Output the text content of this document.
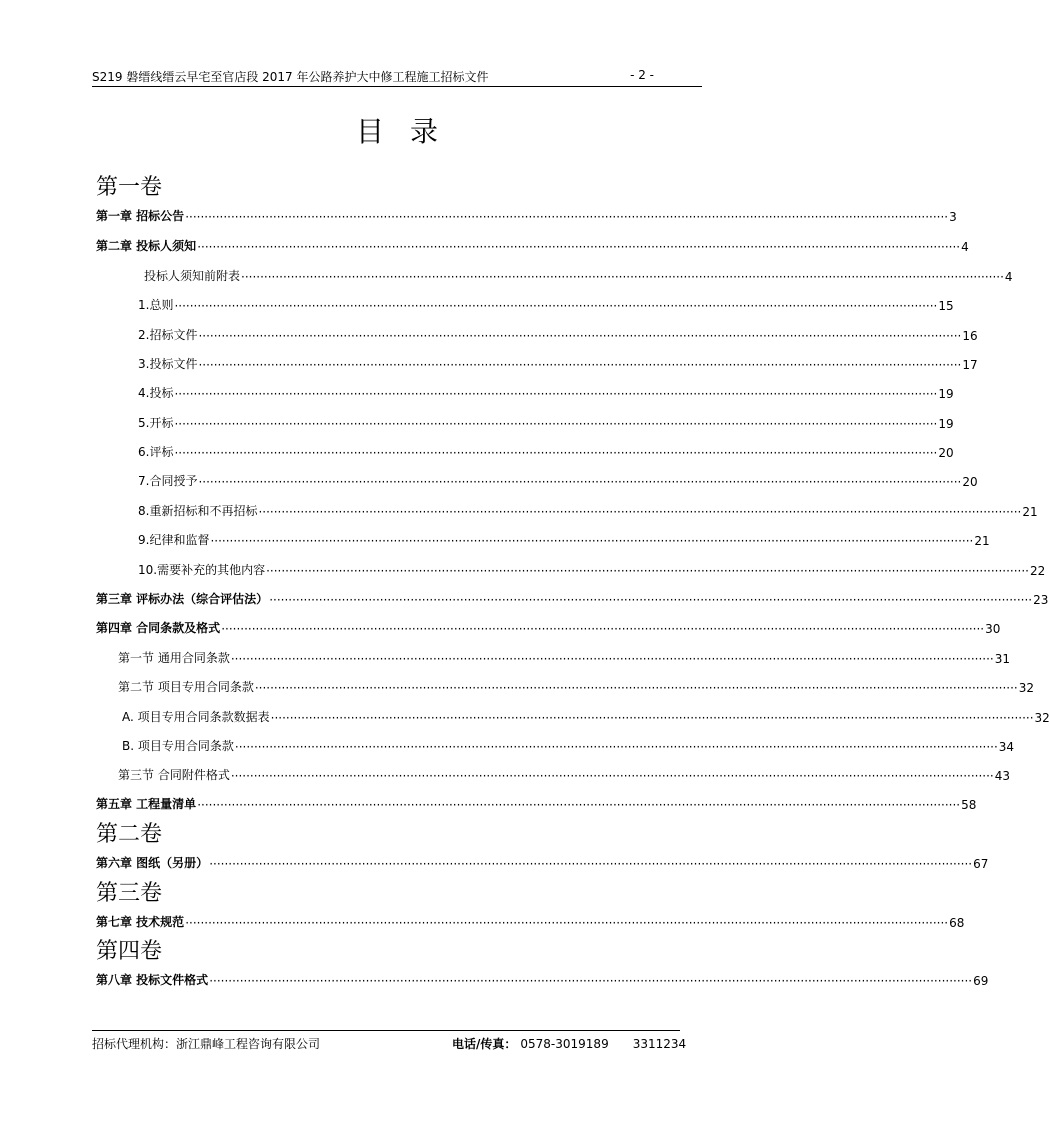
S219 磐缙线缙云早宅至官店段 2017 年公路养护大中修工程施工招标文件	- 2 -
目录
第一卷
第二卷
第三卷
第四卷
第一章 招标公告 ········································································································································································································ 3
第二章 投标人须知 ········································································································································································································ 4
投标人须知前附表 ········································································································································································································ 4
1.总则 ········································································································································································································ 15
2.招标文件 ········································································································································································································ 16
3.投标文件 ········································································································································································································ 17
4.投标 ········································································································································································································ 19
5.开标 ········································································································································································································ 19
6.评标 ········································································································································································································ 20
7.合同授予 ········································································································································································································ 20
8.重新招标和不再招标 ········································································································································································································ 21
9.纪律和监督 ········································································································································································································ 21
10.需要补充的其他内容 ········································································································································································································ 22
第三章 评标办法（综合评估法） ········································································································································································································ 23
第四章 合同条款及格式 ········································································································································································································ 30
第一节 通用合同条款 ········································································································································································································ 31
第二节 项目专用合同条款 ········································································································································································································ 32
A. 项目专用合同条款数据表 ········································································································································································································ 32
B. 项目专用合同条款 ········································································································································································································ 34
第三节 合同附件格式 ········································································································································································································ 43
第五章 工程量清单 ········································································································································································································ 58
第六章 图纸（另册） ········································································································································································································ 67
第七章 技术规范 ········································································································································································································ 68
第八章 投标文件格式 ········································································································································································································ 69
招标代理机构：浙江鼎峰工程咨询有限公司	电话/传真： 0578-3019189 3311234
